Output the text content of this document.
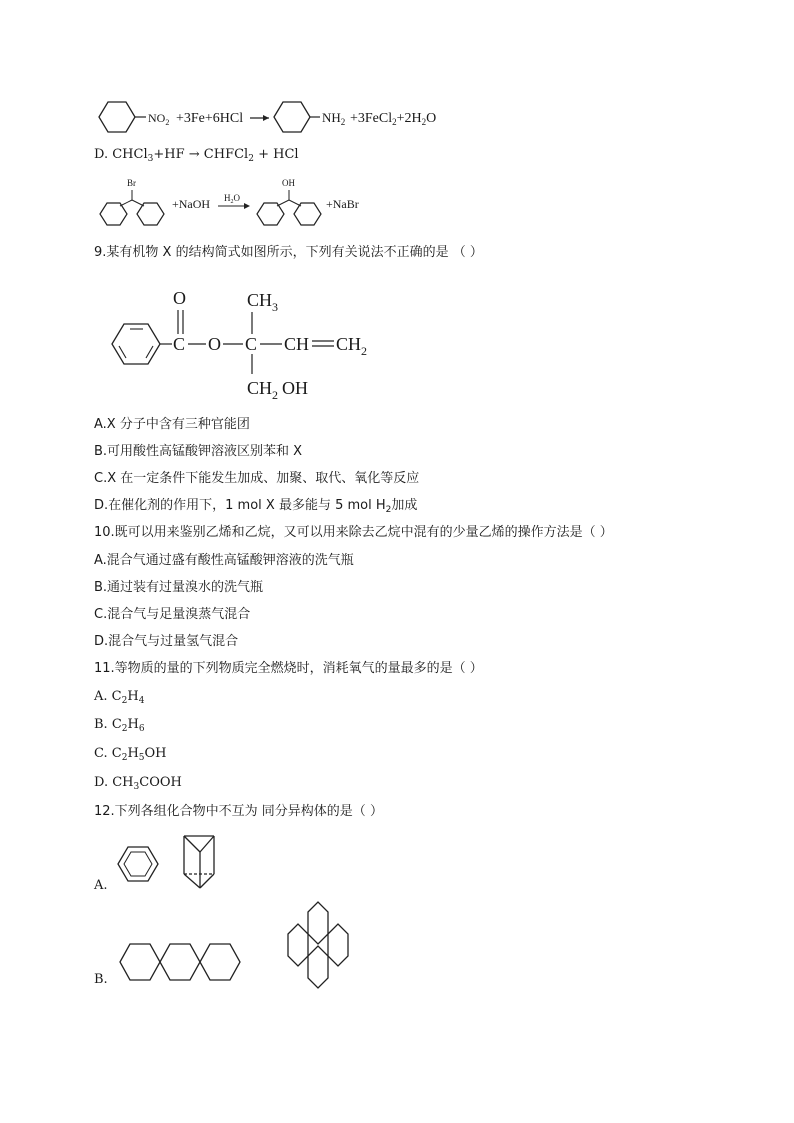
$NO_2 +3Fe+6HCl$	$NH_2$ $+3FeCl_2+2H_2O$
D. CHCl$_3$+HF → CHFCl$_2$ + HCl
Br
+NaOH $H_2O$
OH
+NaBr
9.某有机物 X 的结构简式如图所示，下列有关说法不正确的是 （ ）
O
C O C
$CH_3$
CH $CH_2$
$CH_2$ OH
A.X 分子中含有三种官能团
B.可用酸性高锰酸钾溶液区别苯和 X
C.X 在一定条件下能发生加成、加聚、取代、氧化等反应
D.在催化剂的作用下，1 mol X 最多能与 5 mol $H_2$加成
10.既可以用来鉴别乙烯和乙烷，又可以用来除去乙烷中混有的少量乙烯的操作方法是（ ）
A.混合气通过盛有酸性高锰酸钾溶液的洗气瓶
B.通过装有过量溴水的洗气瓶
C.混合气与足量溴蒸气混合
D.混合气与过量氢气混合
11.等物质的量的下列物质完全燃烧时，消耗氧气的量最多的是（ ）
A. $C_2H_4$
B. $C_2H_6$
C. $C_2H_5OH$
D. $CH_3COOH$
12.下列各组化合物中不互为 同分异构体的是（ ）
A.
B.
